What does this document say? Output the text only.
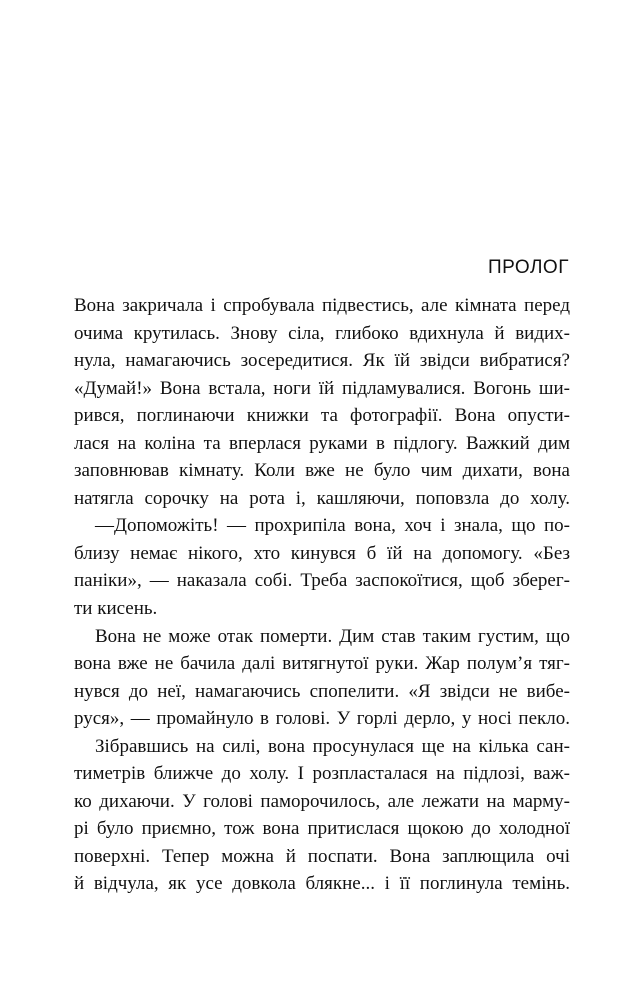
ПРОЛОГ
Вона закричала і спробувала підвестись, але кімната перед
очима крутилась. Знову сіла, глибоко вдихнула й видих-
нула, намагаючись зосередитися. Як їй звідси вибратися?
«Думай!» Вона встала, ноги їй підламувалися. Вогонь ши-
рився, поглинаючи книжки та фотографії. Вона опусти-
лася на коліна та вперлася руками в підлогу. Важкий дим
заповнював кімнату. Коли вже не було чим дихати, вона
натягла сорочку на рота і, кашляючи, поповзла до холу.
—Допоможіть! — прохрипіла вона, хоч і знала, що по-
близу немає нікого, хто кинувся б їй на допомогу. «Без
паніки», — наказала собі. Треба заспокоїтися, щоб зберег-
ти кисень.
Вона не може отак померти. Дим став таким густим, що
вона вже не бачила далі витягнутої руки. Жар полум’я тяг-
нувся до неї, намагаючись спопелити. «Я звідси не вибе-
руся», — промайнуло в голові. У горлі дерло, у носі пекло.
Зібравшись на силі, вона просунулася ще на кілька сан-
тиметрів ближче до холу. І розпласталася на підлозі, важ-
ко дихаючи. У голові паморочилось, але лежати на марму-
рі було приємно, тож вона притислася щокою до холодної
поверхні. Тепер можна й поспати. Вона заплющила очі
й відчула, як усе довкола блякне... і її поглинула темінь.
